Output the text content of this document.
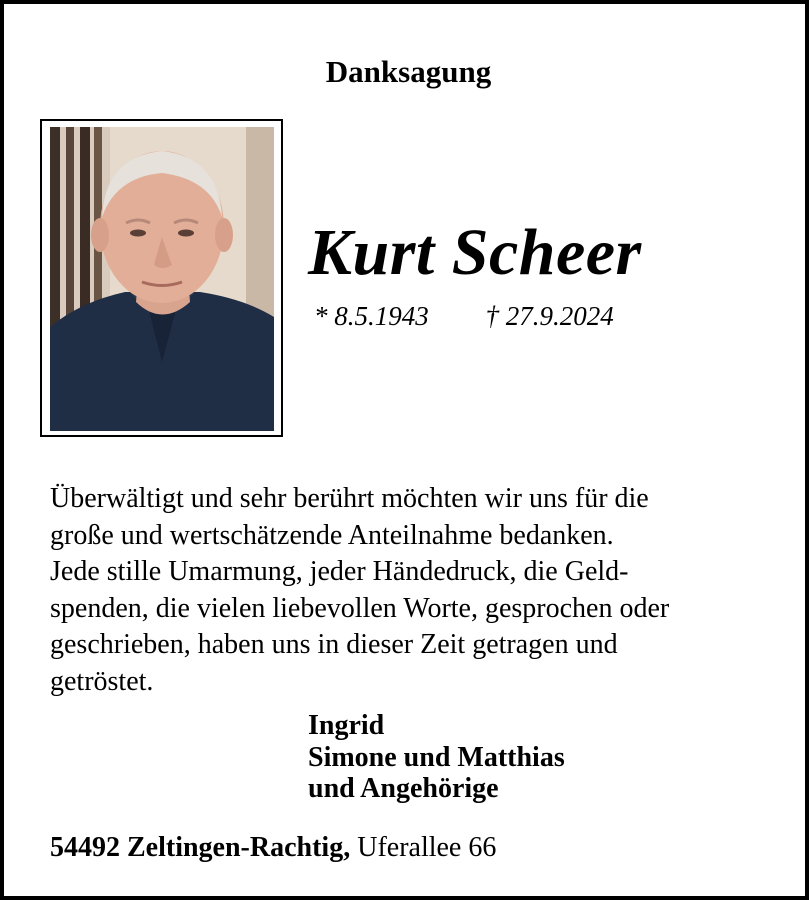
Danksagung
Kurt Scheer
* 8.5.1943 † 27.9.2024
Überwältigt und sehr berührt möchten wir uns für die
große und wertschätzende Anteilnahme bedanken.
Jede stille Umarmung, jeder Händedruck, die Geld-
spenden, die vielen liebevollen Worte, gesprochen oder
geschrieben, haben uns in dieser Zeit getragen und
getröstet.
Ingrid
Simone und Matthias
und Angehörige
54492 Zeltingen-Rachtig, Uferallee 66
